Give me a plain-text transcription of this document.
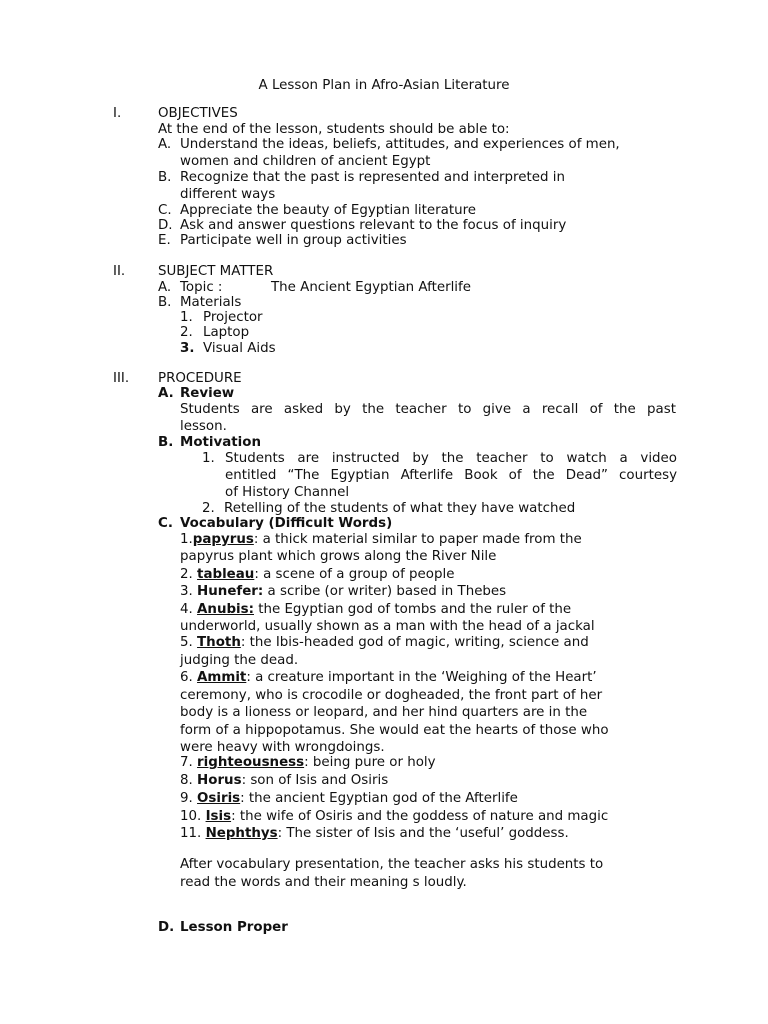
A Lesson Plan in Afro-Asian Literature
I.	OBJECTIVES
At the end of the lesson, students should be able to:
A. Understand the ideas, beliefs, attitudes, and experiences of men,
women and children of ancient Egypt
B. Recognize that the past is represented and interpreted in
different ways
C. Appreciate the beauty of Egyptian literature
D. Ask and answer questions relevant to the focus of inquiry
E. Participate well in group activities
II. SUBJECT MATTER
A. Topic :	The Ancient Egyptian Afterlife
B. Materials
1. Projector
2. Laptop
3. Visual Aids
III. PROCEDURE
A. Review
Students are asked by the teacher to give a recall of the past
lesson.
B. Motivation
1. Students are instructed by the teacher to watch a video
entitled “The Egyptian Afterlife Book of the Dead” courtesy
of History Channel
2. Retelling of the students of what they have watched
C. Vocabulary (Difficult Words)
1.papyrus: a thick material similar to paper made from the
papyrus plant which grows along the River Nile
2. tableau: a scene of a group of people
3. Hunefer: a scribe (or writer) based in Thebes
4. Anubis: the Egyptian god of tombs and the ruler of the
underworld, usually shown as a man with the head of a jackal
5. Thoth: the Ibis-headed god of magic, writing, science and
judging the dead.
6. Ammit: a creature important in the ‘Weighing of the Heart’
ceremony, who is crocodile or dogheaded, the front part of her
body is a lioness or leopard, and her hind quarters are in the
form of a hippopotamus. She would eat the hearts of those who
were heavy with wrongdoings.
7. righteousness: being pure or holy
8. Horus: son of Isis and Osiris
9. Osiris: the ancient Egyptian god of the Afterlife
10. Isis: the wife of Osiris and the goddess of nature and magic
11. Nephthys: The sister of Isis and the ‘useful’ goddess.
After vocabulary presentation, the teacher asks his students to
read the words and their meaning s loudly.
D. Lesson Proper
